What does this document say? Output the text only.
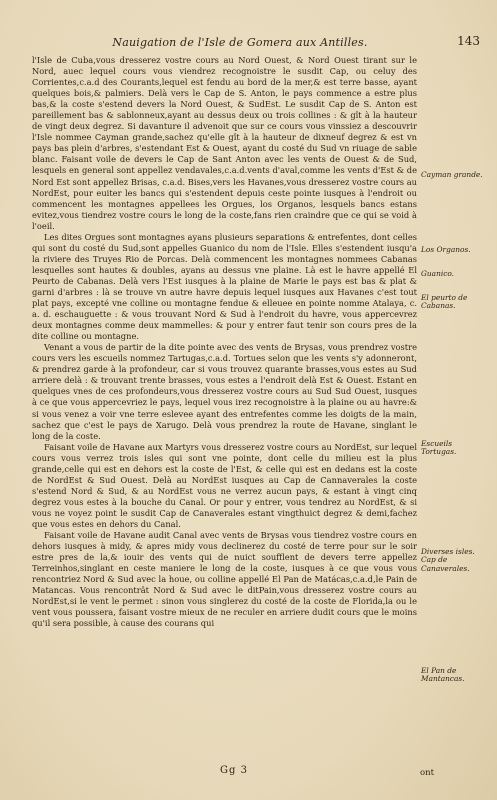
Nauigation de l'Isle de Gomera aux Antilles.	143

l'Isle de Cuba,vous dresserez vostre cours au Nord Ouest, & Nord Ouest tirant sur le Nord, auec lequel cours vous viendrez recognoistre le susdit Cap, ou celuy des Corrientes,c.a.d des Courants,lequel est fendu au bord de la mer,& est terre basse, ayant quelques bois,& palmiers. Delà vers le Cap de S. Anton, le pays commence a estre plus bas,& la coste s'estend devers la Nord Ouest, & SudEst. Le susdit Cap de S. Anton est pareillement bas & sablonneux,ayant au dessus deux ou trois collines : & gît à la hauteur de vingt deux degrez. Si davanture il advenoit que sur ce cours vous vinssiez a descouvrir l'Isle nommee Cayman grande,sachez qu'elle gît à la hauteur de dixneuf degrez & est vn pays bas plein d'arbres, s'estendant Est & Ouest, ayant du costé du Sud vn riuage de sable blanc. Faisant voile de devers le Cap de Sant Anton avec les vents de Ouest & de Sud, lesquels en general sont appellez vendavales,c.a.d.vents d'aval,comme les vents d'Est & de Nord Est sont appellez Brisas, c.a.d. Bises,vers les Havanes,vous dresserez vostre cours au NordEst, pour euiter les bancs qui s'estendent depuis ceste pointe iusques à l'endroit ou commencent les montagnes appellees les Orgues, los Organos, lesquels bancs estans evitez,vous tiendrez vostre cours le long de la coste,fans rien craindre que ce qui se void à l'oeil.

Les dites Orgues sont montagnes ayans plusieurs separations & entrefentes, dont celles qui sont du costé du Sud,sont appelles Guanico du nom de l'Isle. Elles s'estendent iusqu'a la riviere des Truyes Rio de Porcas. Delà commencent les montagnes nommees Cabanas lesquelles sont hautes & doubles, ayans au dessus vne plaine. Là est le havre appellé El Peurto de Cabanas. Delà vers l'Est iusques à la plaine de Marie le pays est bas & plat & garni d'arbres : là se trouve vn autre havre depuis lequel iusques aux Havanes c'est tout plat pays, excepté vne colline ou montagne fendue & elleuee en pointe nomme Atalaya, c. a. d. eschauguette : & vous trouvant Nord & Sud à l'endroit du havre, vous appercevrez deux montagnes comme deux mammelles: & pour y entrer faut tenir son cours pres de la dite colline ou montagne.

Venant a vous de partir de la dite pointe avec des vents de Brysas, vous prendrez vostre cours vers les escueils nommez Tartugas,c.a.d. Tortues selon que les vents s'y adonneront, & prendrez garde à la profondeur, car si vous trouvez quarante brasses,vous estes au Sud arriere delà : & trouvant trente brasses, vous estes a l'endroit delà Est & Ouest. Estant en quelques vnes de ces profondeurs,vous dresserez vostre cours au Sud Sud Ouest, iusques à ce que vous appercevriez le pays, lequel vous irez recognoistre à la plaine ou au havre:& si vous venez a voir vne terre eslevee ayant des entrefentes comme les doigts de la main, sachez que c'est le pays de Xarugo. Delà vous prendrez la route de Havane, singlant le long de la coste.

Faisant voile de Havane aux Martyrs vous dresserez vostre cours au NordEst, sur lequel cours vous verrez trois isles qui sont vne pointe, dont celle du milieu est la plus grande,celle qui est en dehors est la coste de l'Est, & celle qui est en dedans est la coste de NordEst & Sud Ouest. Delà au NordEst iusques au Cap de Cannaverales la coste s'estend Nord & Sud, & au NordEst vous ne verrez aucun pays, & estant à vingt cinq degrez vous estes à la bouche du Canal. Or pour y entrer, vous tendrez au NordEst, & si vous ne voyez point le susdit Cap de Canaverales estant vingthuict degrez & demi,fachez que vous estes en dehors du Canal.

Faisant voile de Havane audit Canal avec vents de Brysas vous tiendrez vostre cours en dehors iusques à midy, & apres midy vous declinerez du costé de terre pour sur le soir estre pres de la,& iouir des vents qui de nuict soufflent de devers terre appellez Terreinhos,singlant en ceste maniere le long de la coste, iusques à ce que vous vous rencontriez Nord & Sud avec la houe, ou colline appellé El Pan de Matácas,c.a.d,le Pain de Matancas. Vous rencontrât Nord & Sud avec le ditPain,vous dresserez vostre cours au NordEst,si le vent le permet : sinon vous singlerez du costé de la coste de Florida,la ou le vent vous poussera, faisant vostre mieux de ne reculer en arriere dudit cours que le moins qu'il sera possible, à cause des courans qui

Cayman grande.
Los Organos.
Guanico.
El peurto de Cabanas.
Escueils Tortugas.
Diverses isles. Cap de Canaverales.
El Pan de Mantancas.
Gg 3	ont
